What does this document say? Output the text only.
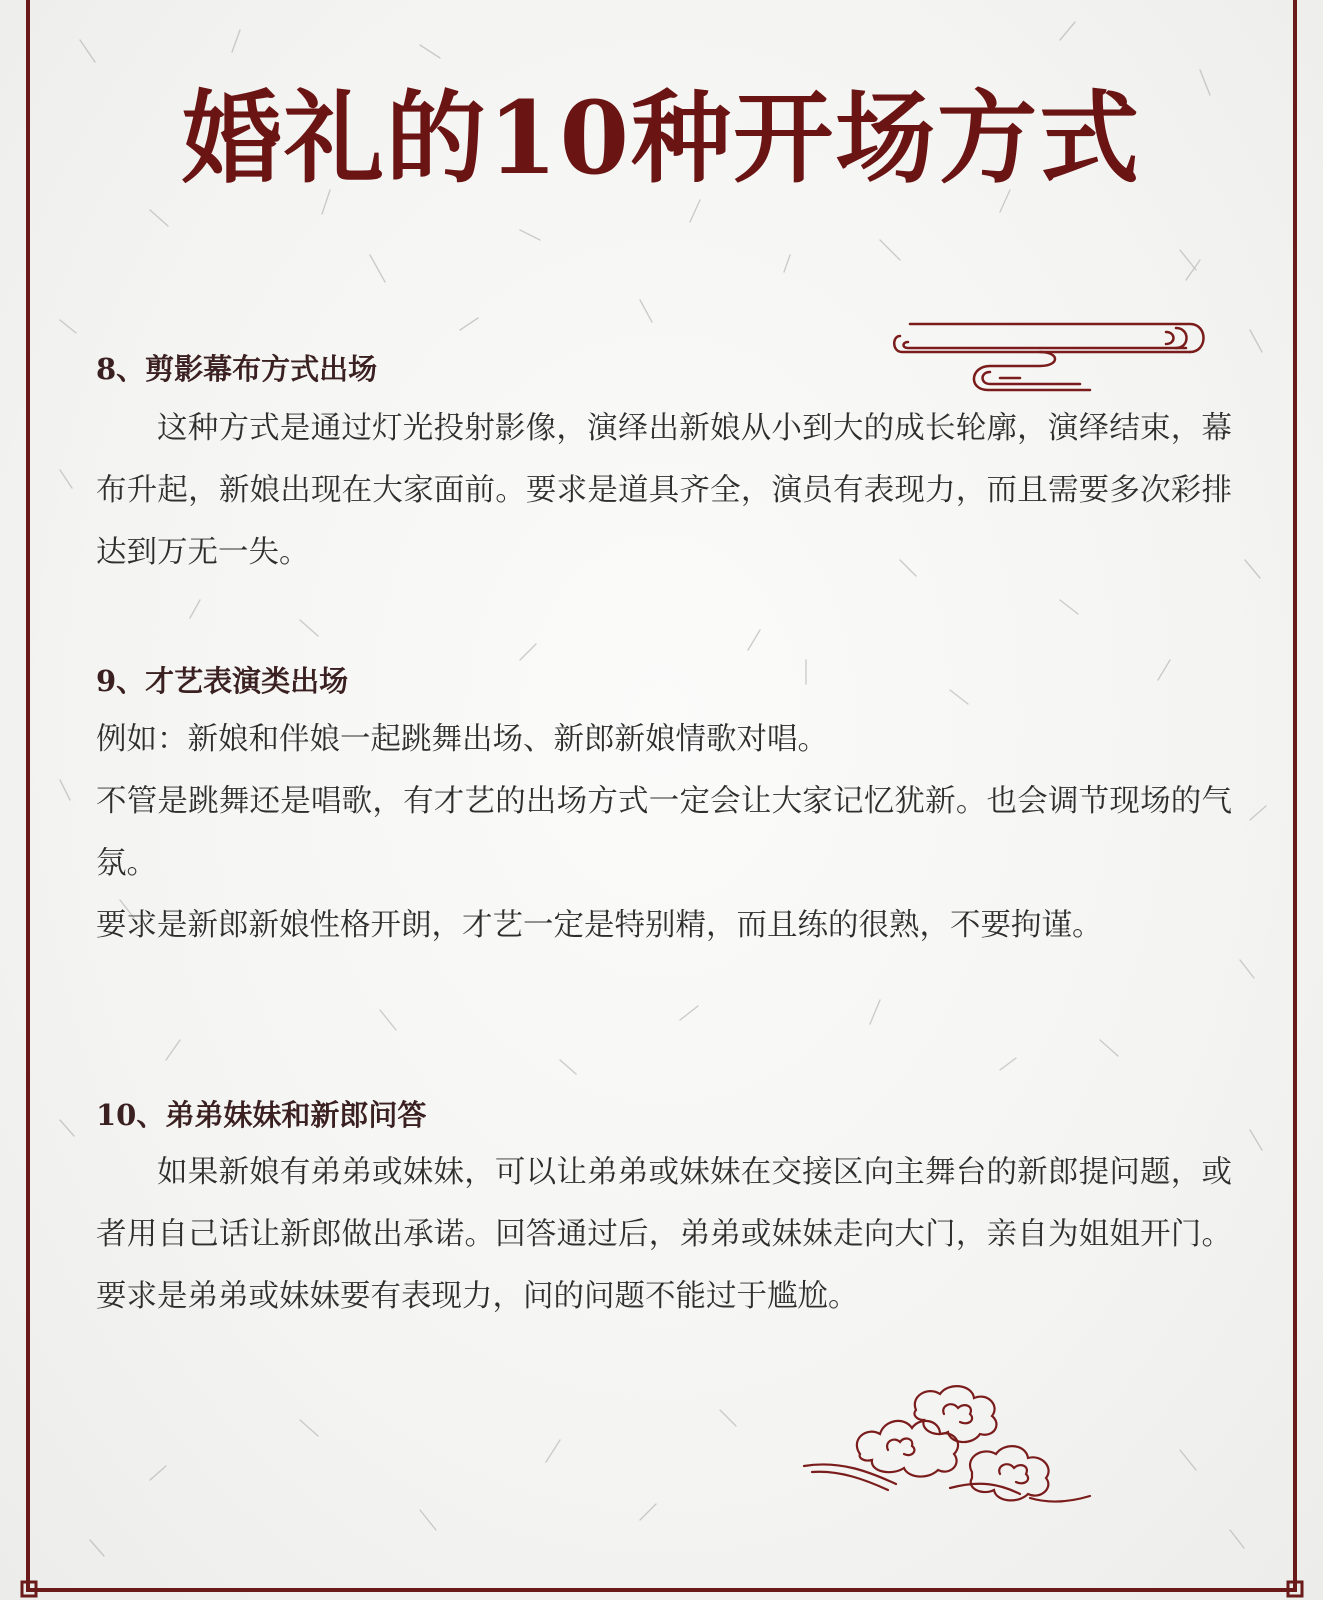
婚礼的10种开场方式
8、剪影幕布方式出场

这种方式是通过灯光投射影像，演绎出新娘从小到大的成长轮廓，演绎结束，幕布升起，新娘出现在大家面前。要求是道具齐全，演员有表现力，而且需要多次彩排达到万无一失。

9、才艺表演类出场

例如：新娘和伴娘一起跳舞出场、新郎新娘情歌对唱。

不管是跳舞还是唱歌，有才艺的出场方式一定会让大家记忆犹新。也会调节现场的气氛。

要求是新郎新娘性格开朗，才艺一定是特别精，而且练的很熟，不要拘谨。

10、弟弟妹妹和新郎问答

如果新娘有弟弟或妹妹，可以让弟弟或妹妹在交接区向主舞台的新郎提问题，或者用自己话让新郎做出承诺。回答通过后，弟弟或妹妹走向大门，亲自为姐姐开门。要求是弟弟或妹妹要有表现力，问的问题不能过于尴尬。
